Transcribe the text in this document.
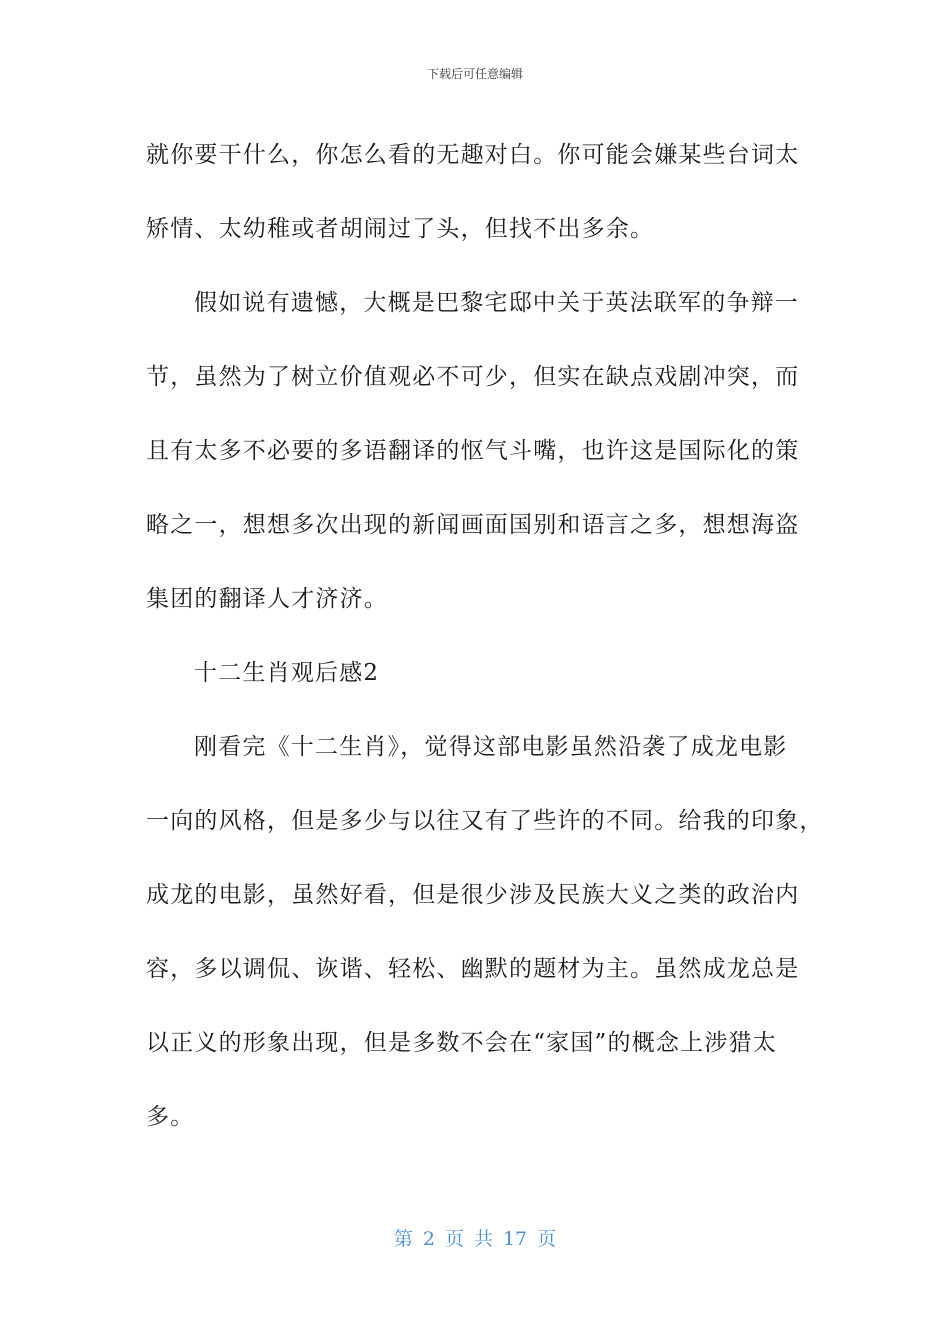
下载后可任意编辑

就你要干什么，你怎么看的无趣对白。你可能会嫌某些台词太
矫情、太幼稚或者胡闹过了头，但找不出多余。

假如说有遗憾，大概是巴黎宅邸中关于英法联军的争辩一

节，虽然为了树立价值观必不可少，但实在缺点戏剧冲突，而
且有太多不必要的多语翻译的怄气斗嘴，也许这是国际化的策
略之一，想想多次出现的新闻画面国别和语言之多，想想海盗
集团的翻译人才济济。

十二生肖观后感2

刚看完《十二生肖》，觉得这部电影虽然沿袭了成龙电影

一向的风格，但是多少与以往又有了些许的不同。给我的印象，
成龙的电影，虽然好看，但是很少涉及民族大义之类的政治内
容，多以调侃、诙谐、轻松、幽默的题材为主。虽然成龙总是
以正义的形象出现，但是多数不会在“家国”的概念上涉猎太
多。

第 2 页 共 17 页
